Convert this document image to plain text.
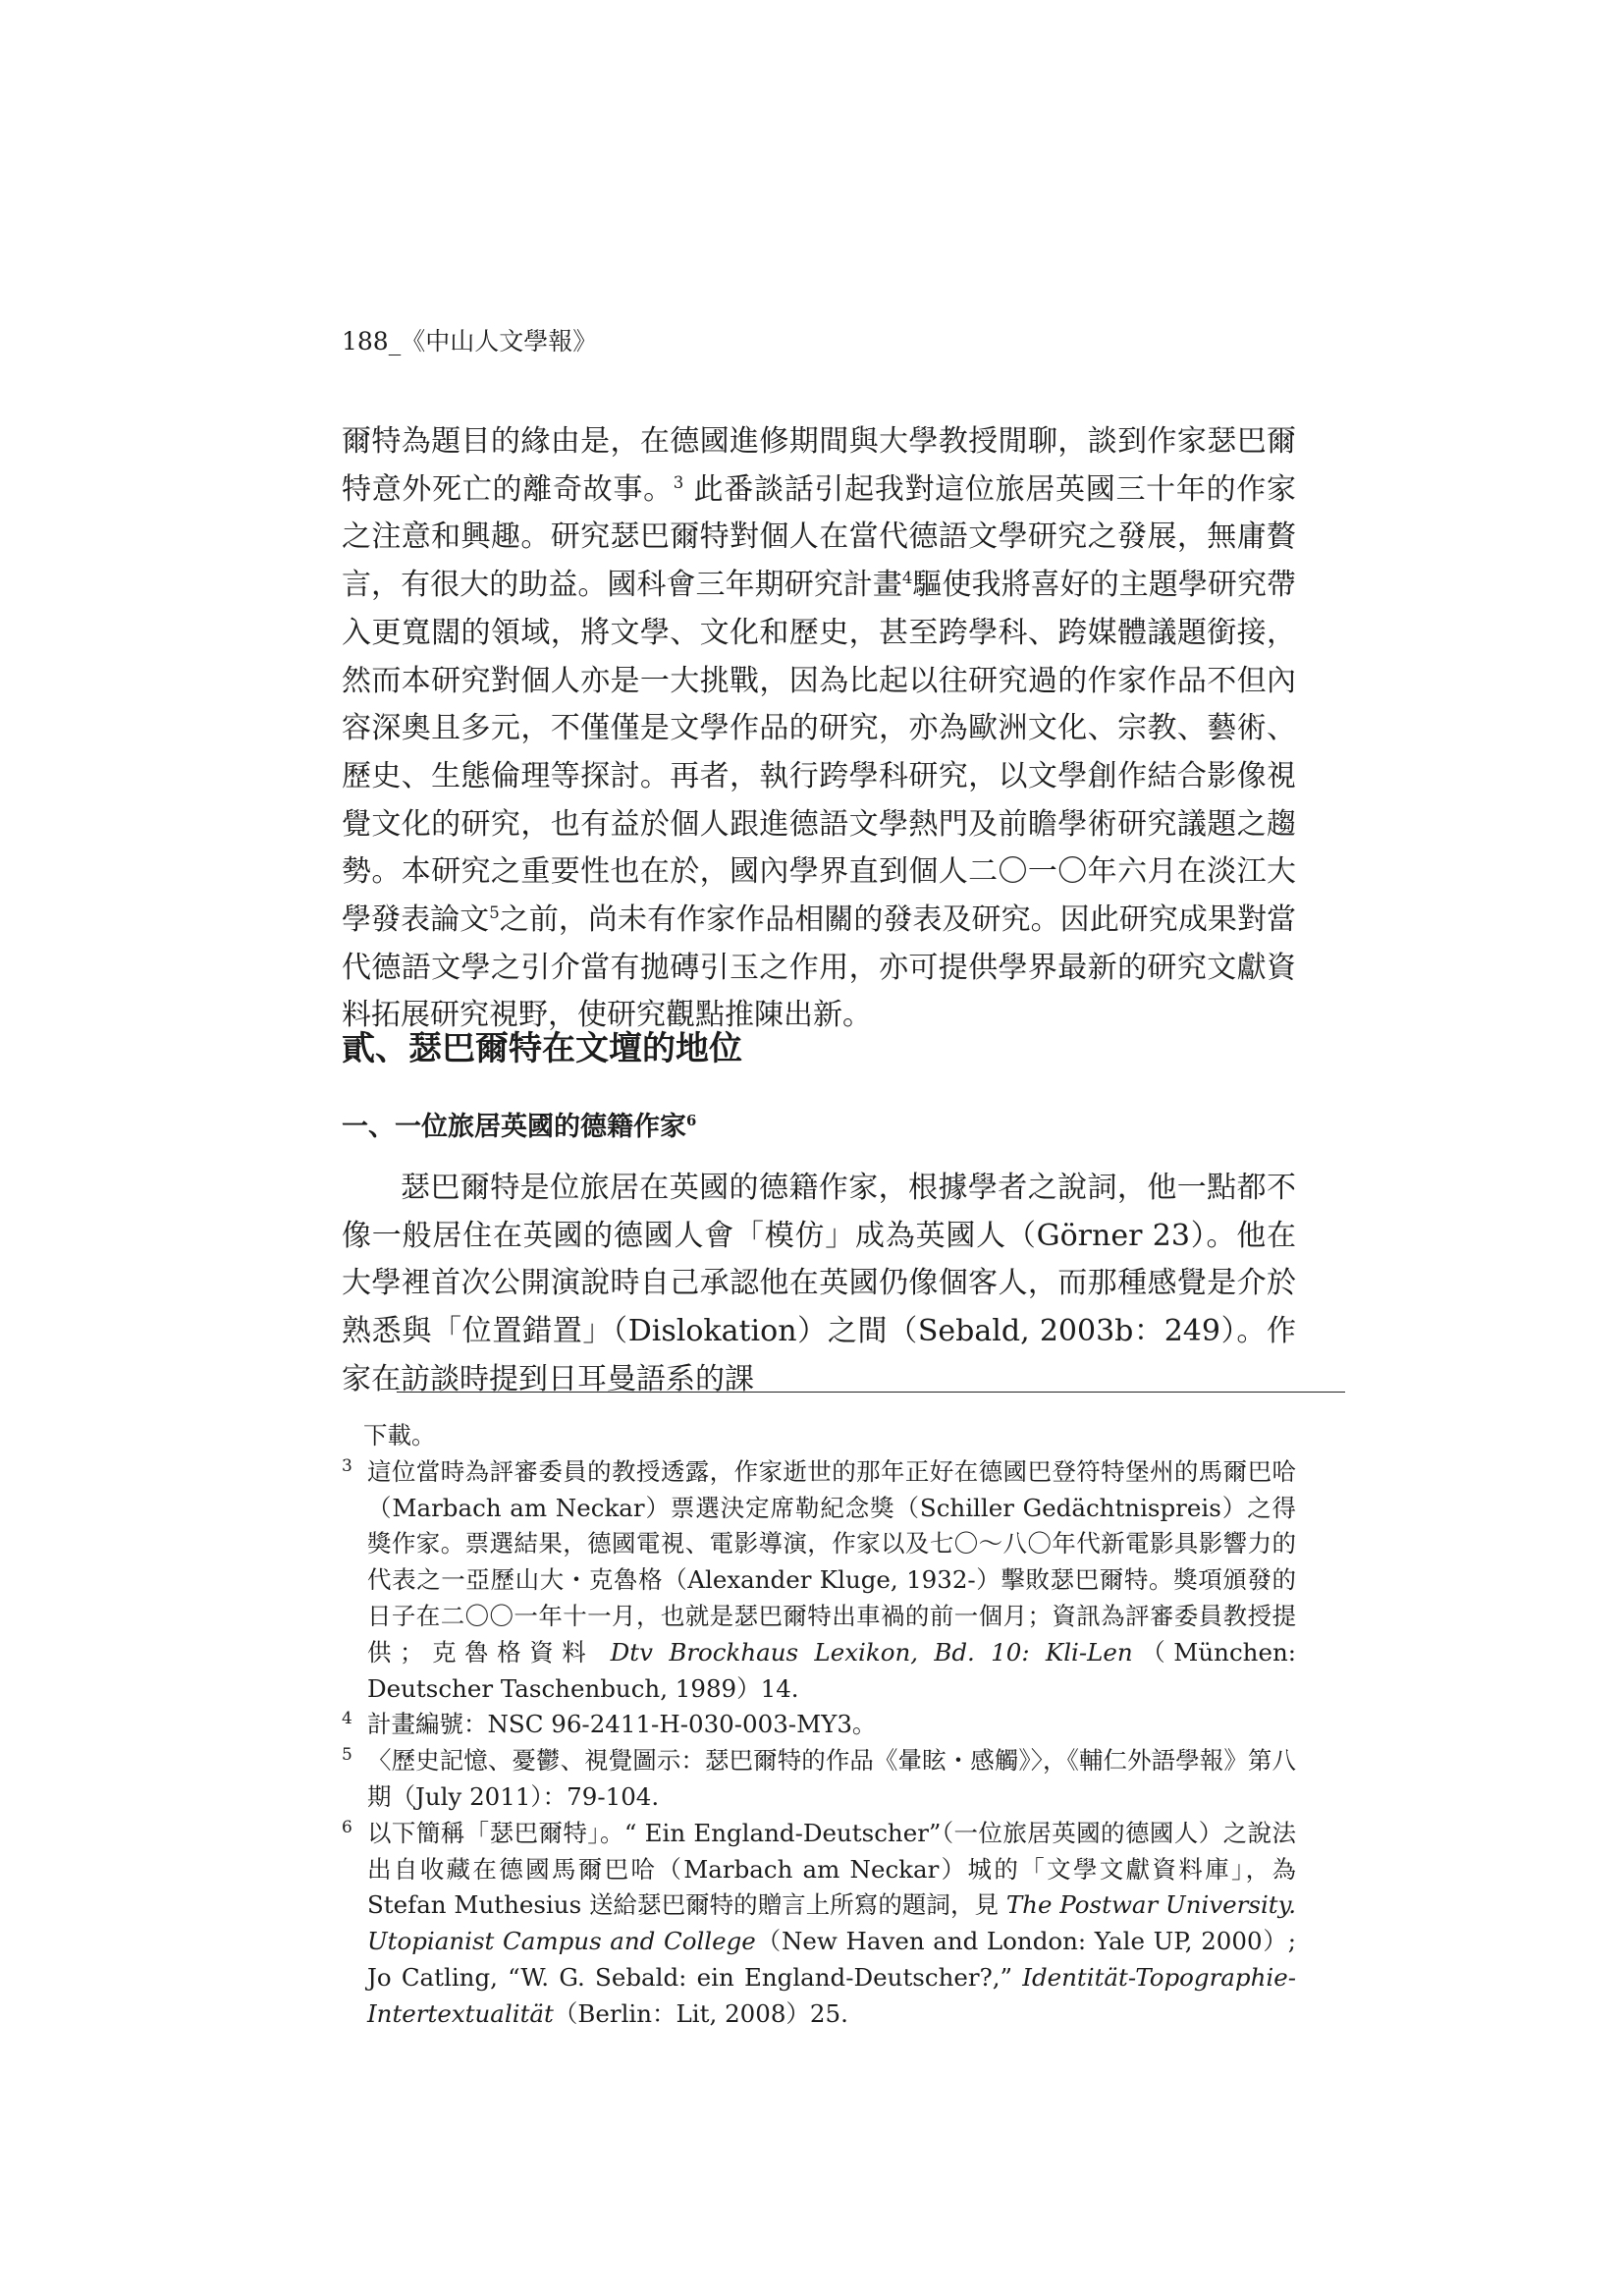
188_《中山人文學報》

爾特為題目的緣由是，在德國進修期間與大學教授閒聊，談到作家瑟巴爾特意外死亡的離奇故事。$^3$ 此番談話引起我對這位旅居英國三十年的作家之注意和興趣。研究瑟巴爾特對個人在當代德語文學研究之發展，無庸贅言，有很大的助益。國科會三年期研究計畫$^4$驅使我將喜好的主題學研究帶入更寬闊的領域，將文學、文化和歷史，甚至跨學科、跨媒體議題銜接，然而本研究對個人亦是一大挑戰，因為比起以往研究過的作家作品不但內容深奧且多元，不僅僅是文學作品的研究，亦為歐洲文化、宗教、藝術、歷史、生態倫理等探討。再者，執行跨學科研究，以文學創作結合影像視覺文化的研究，也有益於個人跟進德語文學熱門及前瞻學術研究議題之趨勢。本研究之重要性也在於，國內學界直到個人二〇一〇年六月在淡江大學發表論文$^5$之前，尚未有作家作品相關的發表及研究。因此研究成果對當代德語文學之引介當有拋磚引玉之作用，亦可提供學界最新的研究文獻資料拓展研究視野，使研究觀點推陳出新。

貳、瑟巴爾特在文壇的地位
一、一位旅居英國的德籍作家$^6$

瑟巴爾特是位旅居在英國的德籍作家，根據學者之說詞，他一點都不像一般居住在英國的德國人會「模仿」成為英國人（Görner 23）。他在大學裡首次公開演說時自己承認他在英國仍像個客人，而那種感覺是介於熟悉與「位置錯置」（Dislokation）之間（Sebald, 2003b：249）。作家在訪談時提到日耳曼語系的課

下載。
3 這位當時為評審委員的教授透露，作家逝世的那年正好在德國巴登符特堡州的馬爾巴哈（Marbach am Neckar）票選決定席勒紀念獎（Schiller Gedächtnispreis）之得獎作家。票選結果，德國電視、電影導演，作家以及七〇～八〇年代新電影具影響力的代表之一亞歷山大・克魯格（Alexander Kluge, 1932-）擊敗瑟巴爾特。獎項頒發的日子在二〇〇一年十一月，也就是瑟巴爾特出車禍的前一個月；資訊為評審委員教授提供；克魯格資料 Dtv Brockhaus Lexikon, Bd. 10: Kli-Len（München: Deutscher Taschenbuch, 1989）14.
4 計畫編號：NSC 96-2411-H-030-003-MY3。
5 〈歷史記憶、憂鬱、視覺圖示：瑟巴爾特的作品《暈眩・感觸》〉，《輔仁外語學報》第八期（July 2011）：79-104.
6 以下簡稱「瑟巴爾特」。“ Ein England-Deutscher”（一位旅居英國的德國人）之說法出自收藏在德國馬爾巴哈（Marbach am Neckar）城的「文學文獻資料庫」，為 Stefan Muthesius 送給瑟巴爾特的贈言上所寫的題詞，見 The Postwar University. Utopianist Campus and College（New Haven and London: Yale UP, 2000）; Jo Catling, “W. G. Sebald: ein England-Deutscher?,” Identität-Topographie- Intertextualität（Berlin：Lit, 2008）25.
